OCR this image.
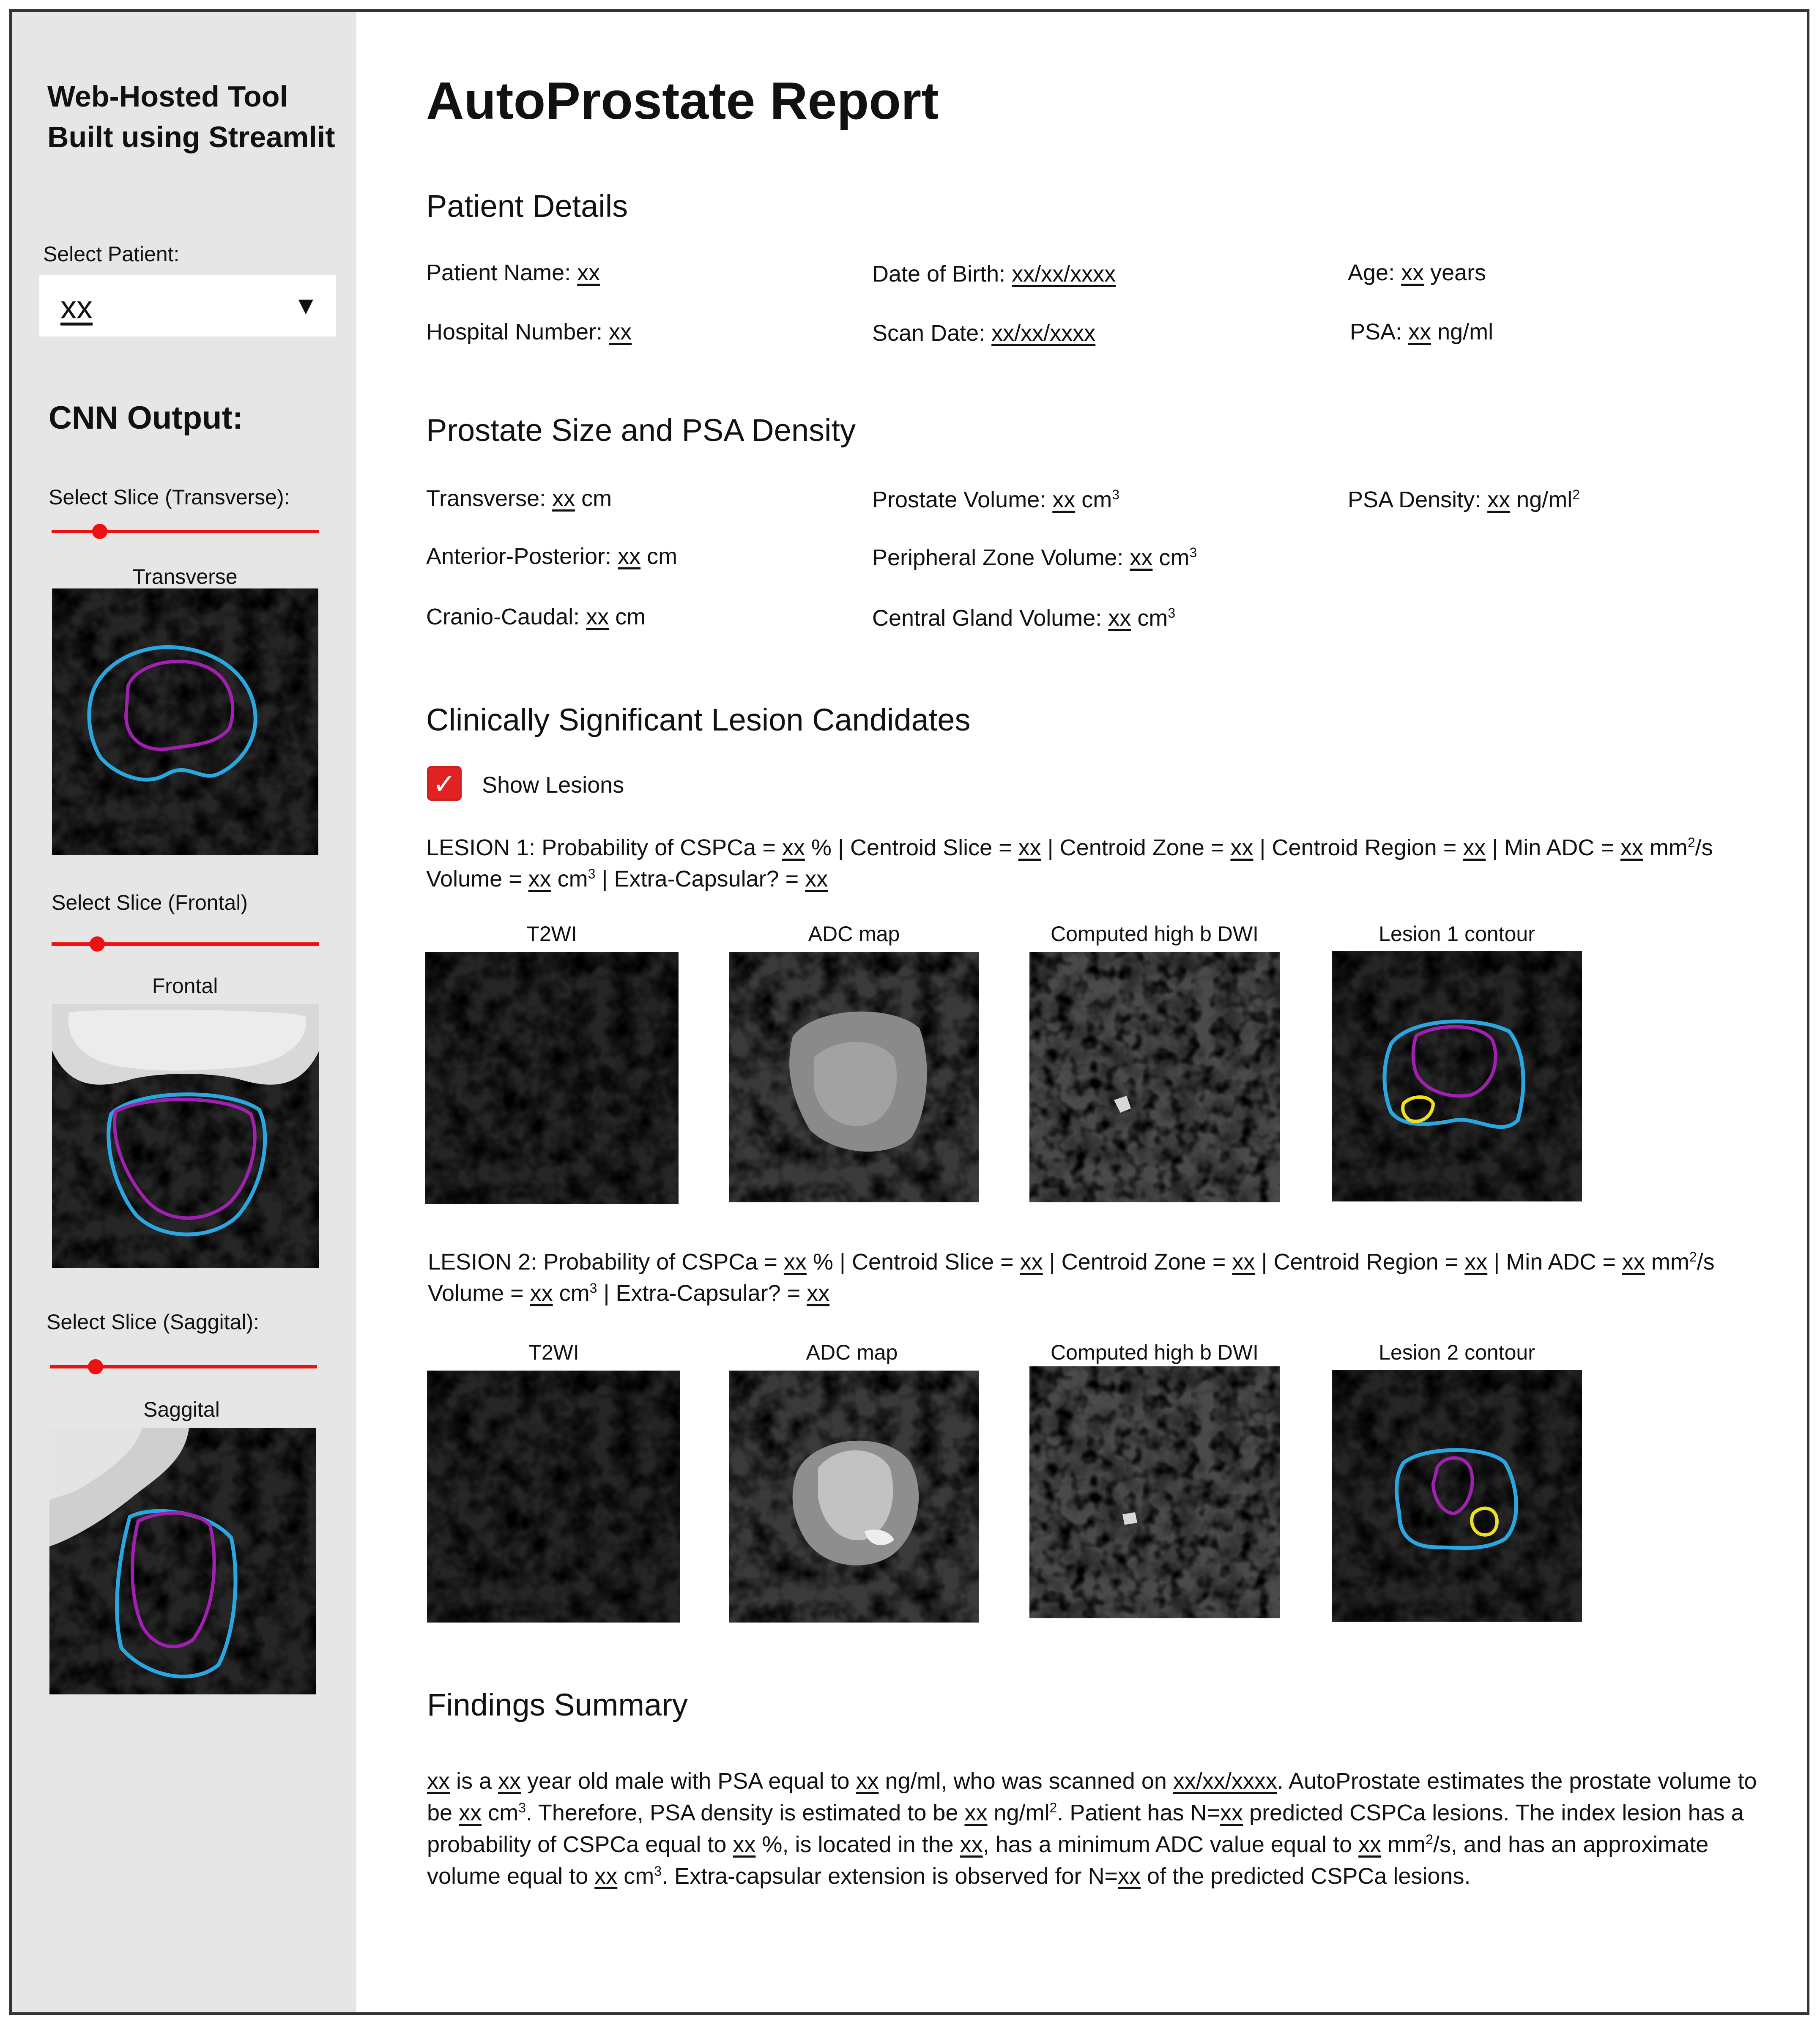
Web-Hosted Tool
Built using Streamlit
Select Patient:
xx	▼
CNN Output:
Select Slice (Transverse):
Transverse
Select Slice (Frontal)
Frontal
Select Slice (Saggital):
Saggital
AutoProstate Report
Patient Details
Patient Name: xx	Date of Birth: xx/xx/xxxx	Age: xx years
Hospital Number: xx	Scan Date: xx/xx/xxxx	PSA: xx ng/ml
Prostate Size and PSA Density
Transverse: xx cm	Prostate Volume: xx $cm^3$	PSA Density: xx $ng/ml^2$
Anterior-Posterior: xx cm	Peripheral Zone Volume: xx $cm^3$
Cranio-Caudal: xx cm	Central Gland Volume: xx $cm^3$
Clinically Significant Lesion Candidates
✓ Show Lesions
LESION 1: Probability of CSPCa = xx % | Centroid Slice = xx | Centroid Zone = xx | Centroid Region = xx | Min ADC = xx $mm^2/s$
Volume = xx $cm^3$ | Extra-Capsular? = xx
T2WI	ADC map	Computed high b DWI	Lesion 1 contour
LESION 2: Probability of CSPCa = xx % | Centroid Slice = xx | Centroid Zone = xx | Centroid Region = xx | Min ADC = xx $mm^2/s$
Volume = xx $cm^3$ | Extra-Capsular? = xx
T2WI	ADC map	Computed high b DWI	Lesion 2 contour
Findings Summary
xx is a xx year old male with PSA equal to xx ng/ml, who was scanned on xx/xx/xxxx. AutoProstate estimates the prostate volume to be xx $cm^3$. Therefore, PSA density is estimated to be xx $ng/ml^2$. Patient has N=xx predicted CSPCa lesions. The index lesion has a probability of CSPCa equal to xx %, is located in the xx, has a minimum ADC value equal to xx $mm^2/s$, and has an approximate volume equal to xx $cm^3$. Extra-capsular extension is observed for N=xx of the predicted CSPCa lesions.
